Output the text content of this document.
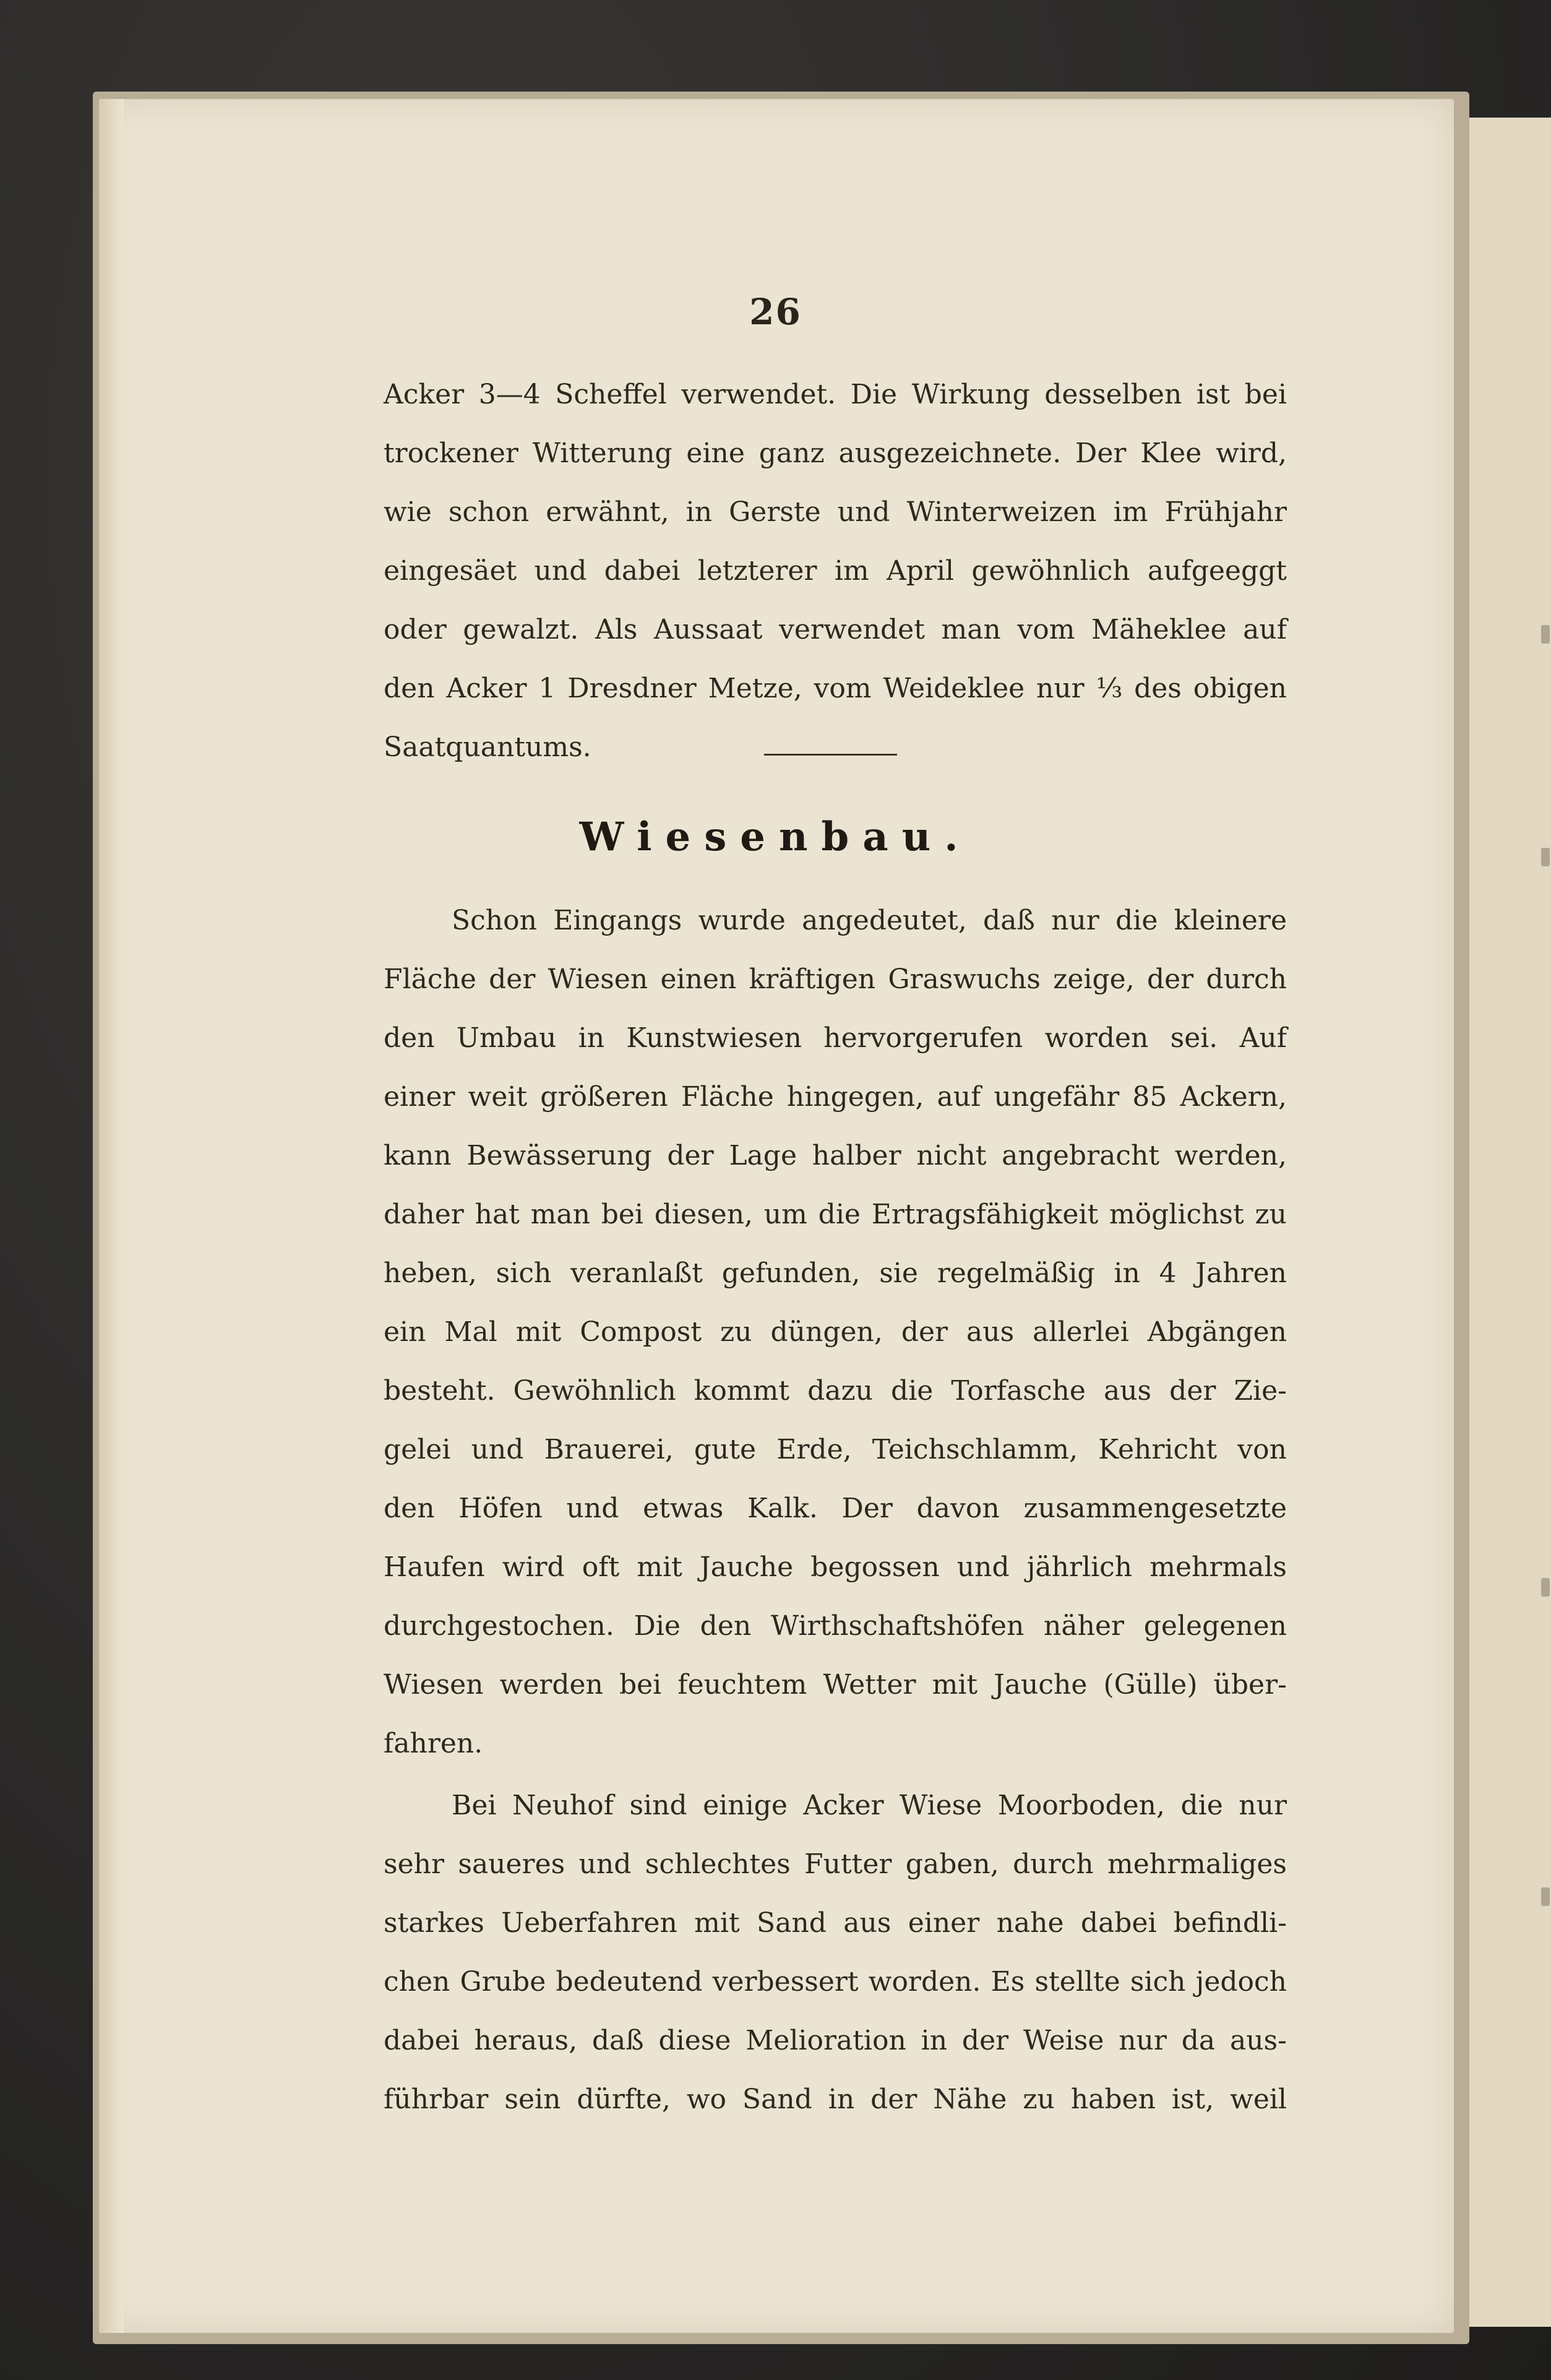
26
Acker 3—4 Scheffel verwendet. Die Wirkung desselben ist bei
trockener Witterung eine ganz ausgezeichnete. Der Klee wird,
wie schon erwähnt, in Gerste und Winterweizen im Frühjahr
eingesäet und dabei letzterer im April gewöhnlich aufgeeggt
oder gewalzt. Als Aussaat verwendet man vom Mäheklee auf
den Acker 1 Dresdner Metze, vom Weideklee nur ⅓ des obigen
Saatquantums.
Wiesenbau.
Schon Eingangs wurde angedeutet, daß nur die kleinere
Fläche der Wiesen einen kräftigen Graswuchs zeige, der durch
den Umbau in Kunstwiesen hervorgerufen worden sei. Auf
einer weit größeren Fläche hingegen, auf ungefähr 85 Ackern,
kann Bewässerung der Lage halber nicht angebracht werden,
daher hat man bei diesen, um die Ertragsfähigkeit möglichst zu
heben, sich veranlaßt gefunden, sie regelmäßig in 4 Jahren
ein Mal mit Compost zu düngen, der aus allerlei Abgängen
besteht. Gewöhnlich kommt dazu die Torfasche aus der Zie-
gelei und Brauerei, gute Erde, Teichschlamm, Kehricht von
den Höfen und etwas Kalk. Der davon zusammengesetzte
Haufen wird oft mit Jauche begossen und jährlich mehrmals
durchgestochen. Die den Wirthschaftshöfen näher gelegenen
Wiesen werden bei feuchtem Wetter mit Jauche (Gülle) über-
fahren.
Bei Neuhof sind einige Acker Wiese Moorboden, die nur
sehr saueres und schlechtes Futter gaben, durch mehrmaliges
starkes Ueberfahren mit Sand aus einer nahe dabei befindli-
chen Grube bedeutend verbessert worden. Es stellte sich jedoch
dabei heraus, daß diese Melioration in der Weise nur da aus-
führbar sein dürfte, wo Sand in der Nähe zu haben ist, weil
